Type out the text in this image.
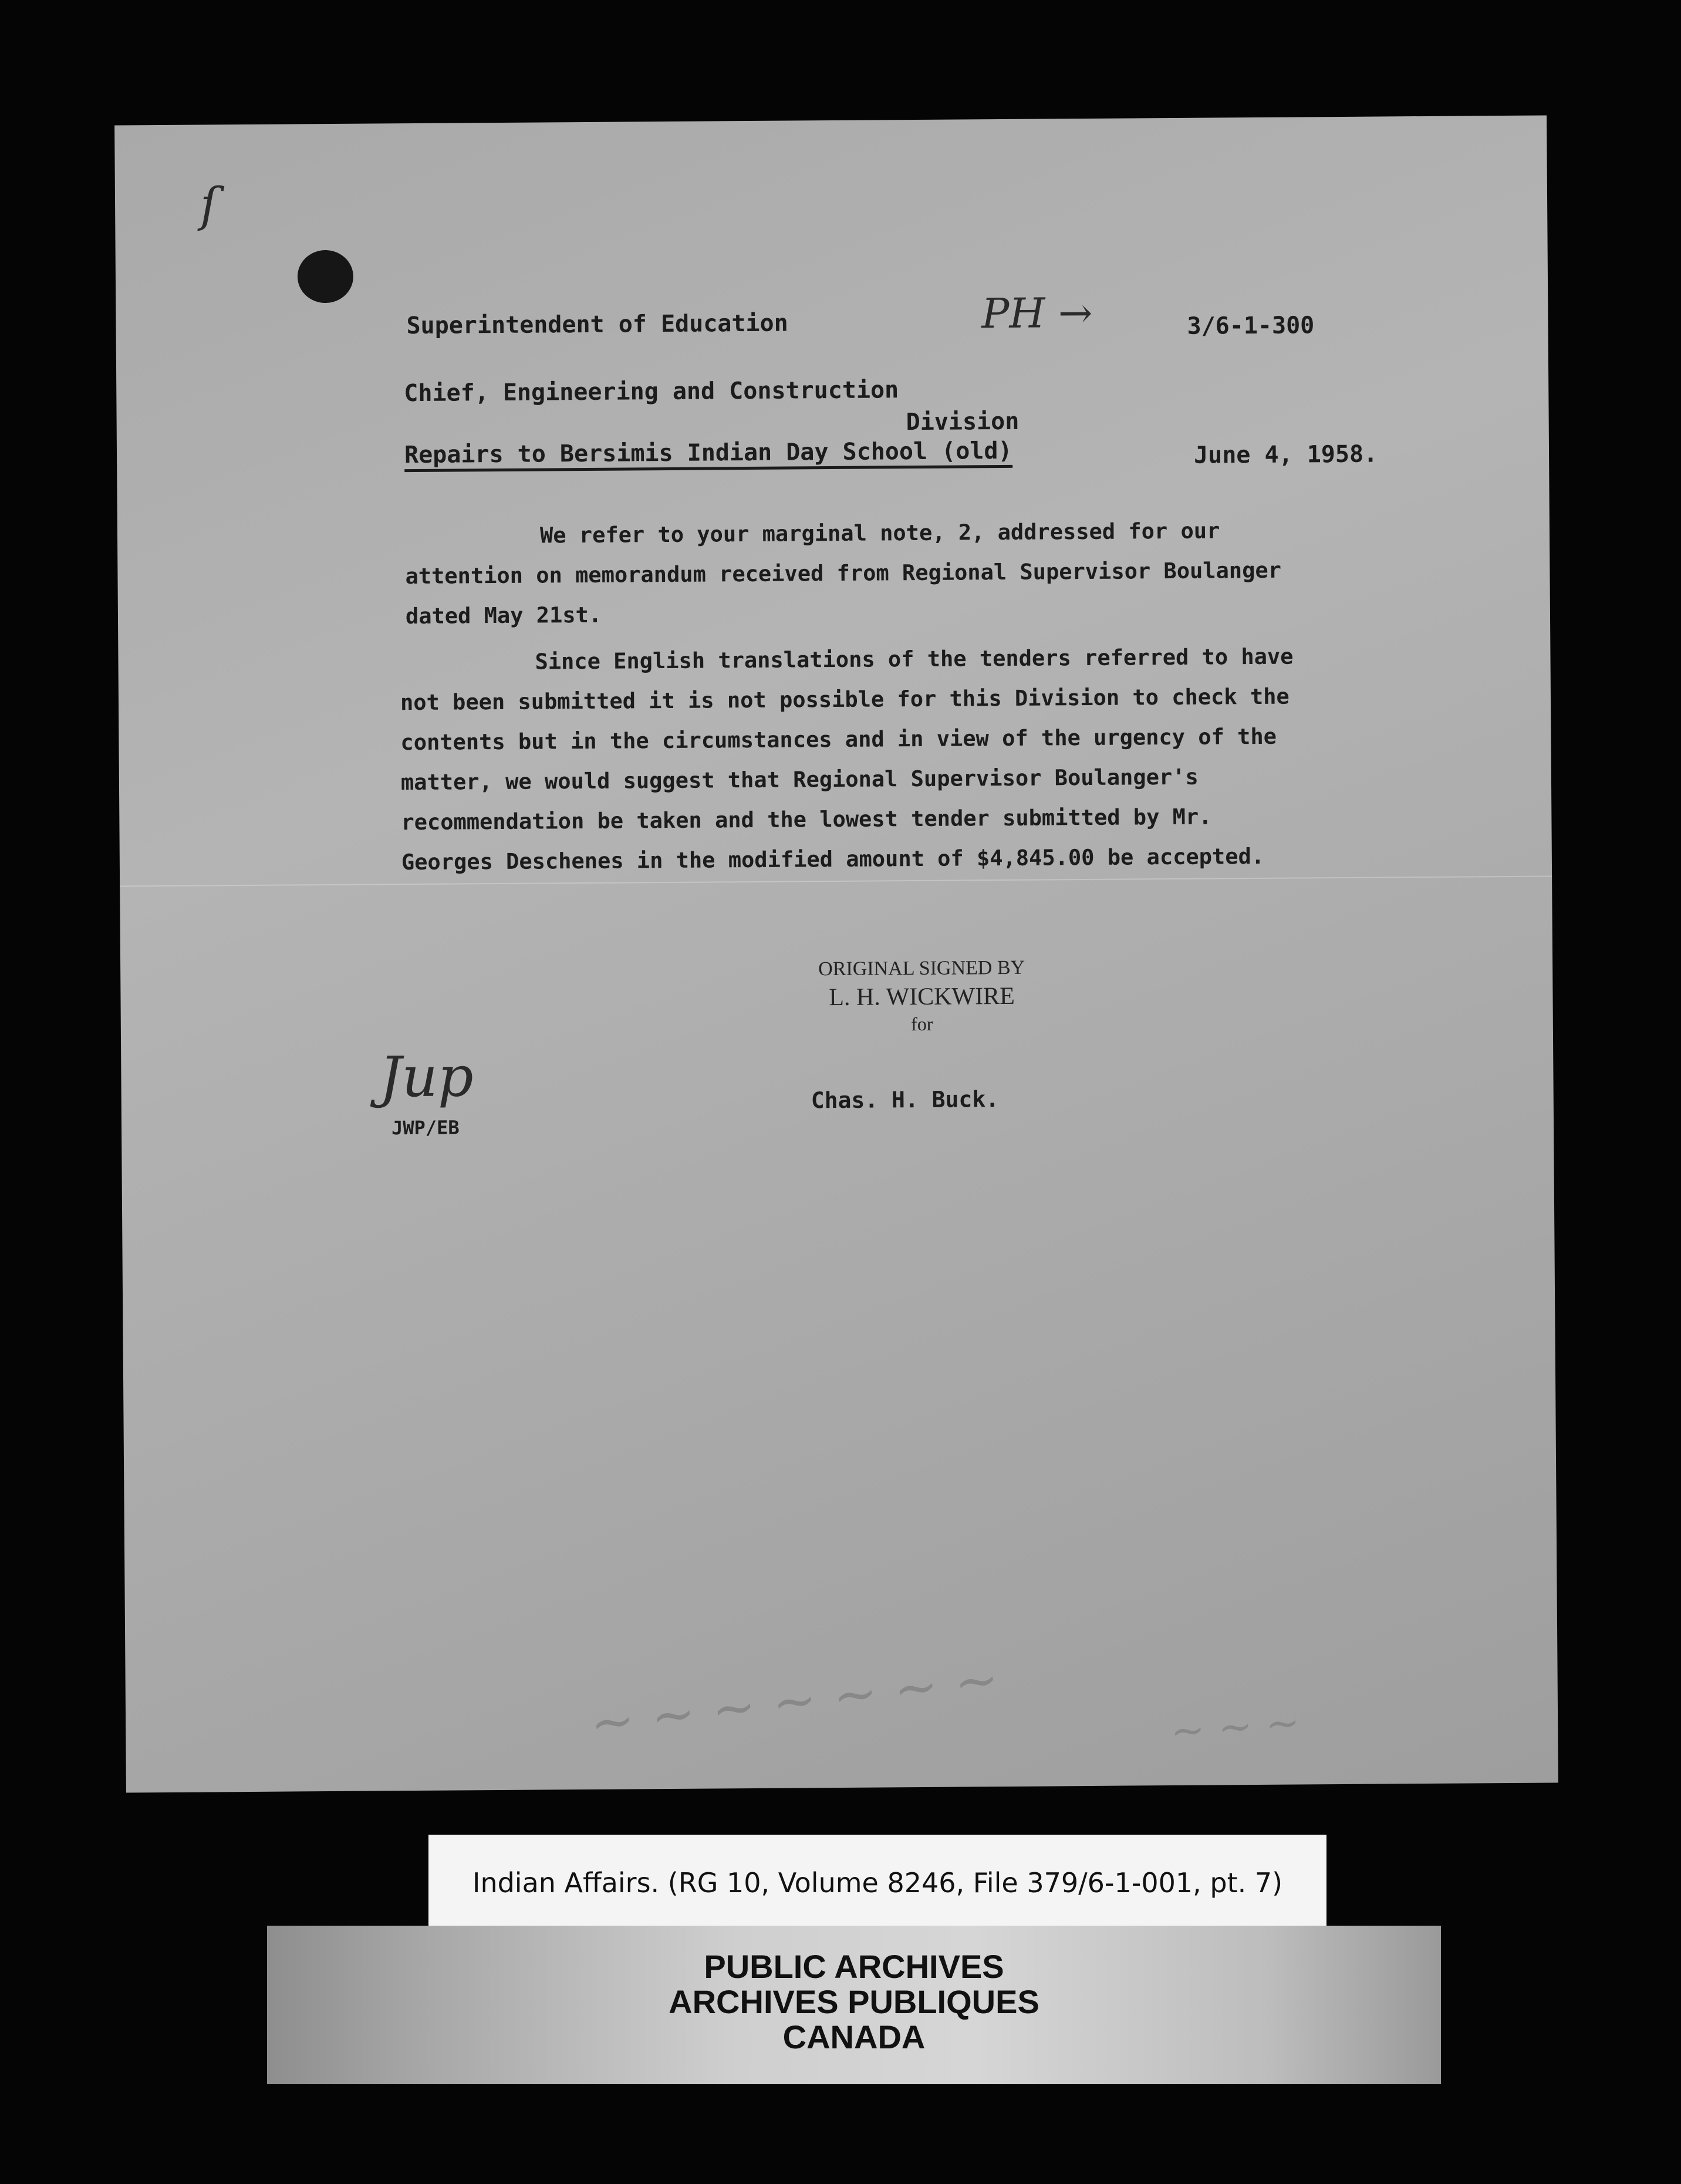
ſ
Superintendent of Education	PH →	3/6-1-300
Chief, Engineering and Construction
Division
Repairs to Bersimis Indian Day School (old)	June 4, 1958.
We refer to your marginal note, 2, addressed for our
attention on memorandum received from Regional Supervisor Boulanger
dated May 21st.
Since English translations of the tenders referred to have
not been submitted it is not possible for this Division to check the
contents but in the circumstances and in view of the urgency of the
matter, we would suggest that Regional Supervisor Boulanger's
recommendation be taken and the lowest tender submitted by Mr.
Georges Deschenes in the modified amount of $4,845.00 be accepted.
ORIGINAL SIGNED BY
L. H. WICKWIRE
for
Chas. H. Buck.
Jup
JWP/EB
~ ~ ~ ~ ~ ~ ~	~ ~ ~
Indian Affairs. (RG 10, Volume 8246, File 379/6-1-001, pt. 7)
PUBLIC ARCHIVES
ARCHIVES PUBLIQUES
CANADA
